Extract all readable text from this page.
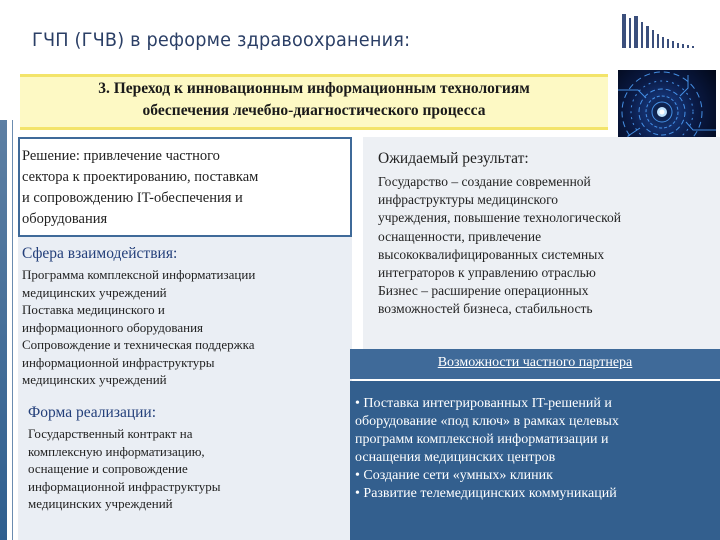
ГЧП (ГЧВ) в реформе здравоохранения:
3. Переход к инновационным информационным технологиям
обеспечения лечебно-диагностического процесса
Решение: привлечение частного
сектора к проектированию, поставкам
и сопровождению IT-обеспечения и
оборудования
Сфера взаимодействия:
Программа комплексной информатизации
медицинских учреждений
Поставка медицинского и
информационного оборудования
Сопровождение и техническая поддержка
информационной инфраструктуры
медицинских учреждений
Форма реализации:
Государственный контракт на
комплексную информатизацию,
оснащение и сопровождение
информационной инфраструктуры
медицинских учреждений
Ожидаемый результат:
Государство – создание современной
инфраструктуры медицинского
учреждения, повышение технологической
оснащенности, привлечение
высококвалифицированных системных
интеграторов к управлению отраслью
Бизнес – расширение операционных
возможностей бизнеса, стабильность
Возможности частного партнера
• Поставка интегрированных IT-решений и
оборудование «под ключ» в рамках целевых
программ комплексной информатизации и
оснащения медицинских центров
• Создание сети «умных» клиник
• Развитие телемедицинских коммуникаций
